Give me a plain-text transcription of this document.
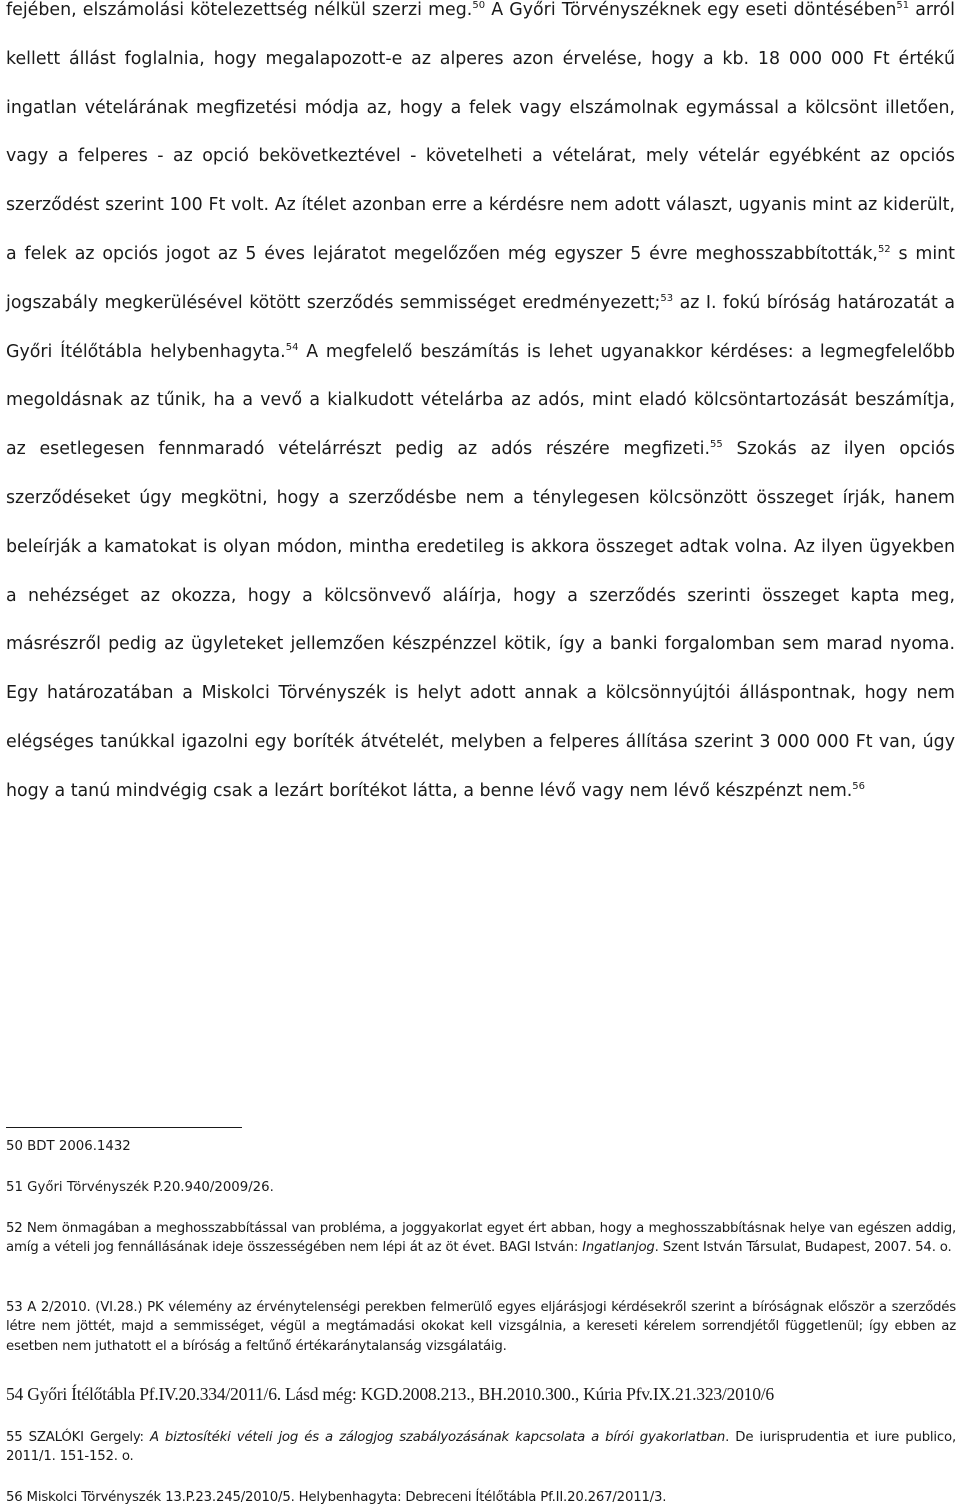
fejében, elszámolási kötelezettség nélkül szerzi meg.$^{50}$ A Győri Törvényszéknek egy eseti döntésében$^{51}$ arról kellett állást foglalnia, hogy megalapozott-e az alperes azon érvelése, hogy a kb. 18 000 000 Ft értékű ingatlan vételárának megfizetési módja az, hogy a felek vagy elszámolnak egymással a kölcsönt illetően, vagy a felperes - az opció bekövetkeztével - követelheti a vételárat, mely vételár egyébként az opciós szerződést szerint 100 Ft volt. Az ítélet azonban erre a kérdésre nem adott választ, ugyanis mint az kiderült, a felek az opciós jogot az 5 éves lejáratot megelőzően még egyszer 5 évre meghosszabbították,$^{52}$ s mint jogszabály megkerülésével kötött szerződés semmisséget eredményezett;$^{53}$ az I. fokú bíróság határozatát a Győri Ítélőtábla helybenhagyta.$^{54}$ A megfelelő beszámítás is lehet ugyanakkor kérdéses: a legmegfelelőbb megoldásnak az tűnik, ha a vevő a kialkudott vételárba az adós, mint eladó kölcsöntartozását beszámítja, az esetlegesen fennmaradó vételárrészt pedig az adós részére megfizeti.$^{55}$ Szokás az ilyen opciós szerződéseket úgy megkötni, hogy a szerződésbe nem a ténylegesen kölcsönzött összeget írják, hanem beleírják a kamatokat is olyan módon, mintha eredetileg is akkora összeget adtak volna. Az ilyen ügyekben a nehézséget az okozza, hogy a kölcsönvevő aláírja, hogy a szerződés szerinti összeget kapta meg, másrészről pedig az ügyleteket jellemzően készpénzzel kötik, így a banki forgalomban sem marad nyoma. Egy határozatában a Miskolci Törvényszék is helyt adott annak a kölcsönnyújtói álláspontnak, hogy nem elégséges tanúkkal igazolni egy boríték átvételét, melyben a felperes állítása szerint 3 000 000 Ft van, úgy hogy a tanú mindvégig csak a lezárt borítékot látta, a benne lévő vagy nem lévő készpénzt nem.$^{56}$

50 BDT 2006.1432

51 Győri Törvényszék P.20.940/2009/26.

52 Nem önmagában a meghosszabbítással van probléma, a joggyakorlat egyet ért abban, hogy a meghosszabbításnak helye van egészen addig, amíg a vételi jog fennállásának ideje összességében nem lépi át az öt évet. BAGI István: Ingatlanjog. Szent István Társulat, Budapest, 2007. 54. o.

53 A 2/2010. (VI.28.) PK vélemény az érvénytelenségi perekben felmerülő egyes eljárásjogi kérdésekről szerint a bíróságnak először a szerződés létre nem jöttét, majd a semmisséget, végül a megtámadási okokat kell vizsgálnia, a kereseti kérelem sorrendjétől függetlenül; így ebben az esetben nem juthatott el a bíróság a feltűnő értékaránytalanság vizsgálatáig.

54 Győri Ítélőtábla Pf.IV.20.334/2011/6. Lásd még: KGD.2008.213., BH.2010.300., Kúria Pfv.IX.21.323/2010/6

55 SZALÓKI Gergely: A biztosítéki vételi jog és a zálogjog szabályozásának kapcsolata a bírói gyakorlatban. De iurisprudentia et iure publico, 2011/1. 151-152. o.

56 Miskolci Törvényszék 13.P.23.245/2010/5. Helybenhagyta: Debreceni Ítélőtábla Pf.II.20.267/2011/3.
